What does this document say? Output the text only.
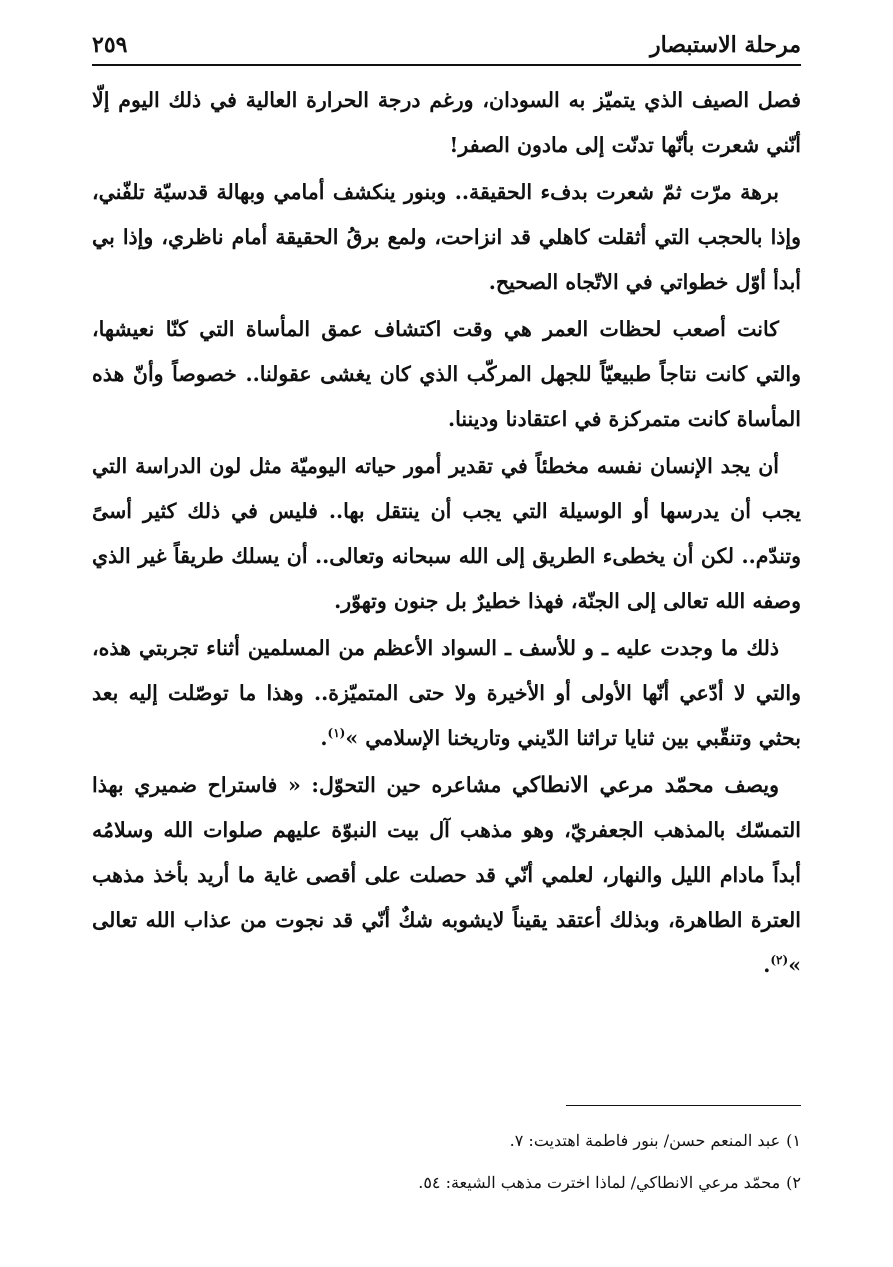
مرحلة الاستبصار
٢٥٩

فصل الصيف الذي يتميّز به السودان، ورغم درجة الحرارة العالية في ذلك اليوم إلّا أنّني شعرت بأنّها تدنّت إلى مادون الصفر!

برهة مرّت ثمّ شعرت بدفء الحقيقة.. وبنور ينكشف أمامي وبهالة قدسيّة تلفّني، وإذا بالحجب التي أثقلت كاهلي قد انزاحت، ولمع برقُ الحقيقة أمام ناظري، وإذا بي أبدأ أوّل خطواتي في الاتّجاه الصحيح.

كانت أصعب لحظات العمر هي وقت اكتشاف عمق المأساة التي كنّا نعيشها، والتي كانت نتاجاً طبيعيّاً للجهل المركّب الذي كان يغشى عقولنا.. خصوصاً وأنّ هذه المأساة كانت متمركزة في اعتقادنا وديننا.

أن يجد الإنسان نفسه مخطئاً في تقدير أمور حياته اليوميّة مثل لون الدراسة التي يجب أن يدرسها أو الوسيلة التي يجب أن ينتقل بها.. فليس في ذلك كثير أسىً وتندّم.. لكن أن يخطىء الطريق إلى الله سبحانه وتعالى.. أن يسلك طريقاً غير الذي وصفه الله تعالى إلى الجنّة، فهذا خطيرٌ بل جنون وتهوّر.

ذلك ما وجدت عليه ـ و للأسف ـ السواد الأعظم من المسلمين أثناء تجربتي هذه، والتي لا أدّعي أنّها الأولى أو الأخيرة ولا حتى المتميّزة.. وهذا ما توصّلت إليه بعد بحثي وتنقّبي بين ثنايا تراثنا الدّيني وتاريخنا الإسلامي »$^{(١)}$.

ويصف محمّد مرعي الانطاكي مشاعره حين التحوّل: « فاستراح ضميري بهذا التمسّك بالمذهب الجعفريّ، وهو مذهب آل بيت النبوّة عليهم صلوات الله وسلامُه أبداً مادام الليل والنهار، لعلمي أنّي قد حصلت على أقصى غاية ما أريد بأخذ مذهب العترة الطاهرة، وبذلك أعتقد يقيناً لايشوبه شكٌ أنّي قد نجوت من عذاب الله تعالى »$^{(٢)}$.

١)عبد المنعم حسن/ بنور فاطمة اهتديت: ٧.
٢)محمّد مرعي الانطاكي/ لماذا اخترت مذهب الشيعة: ٥٤.
